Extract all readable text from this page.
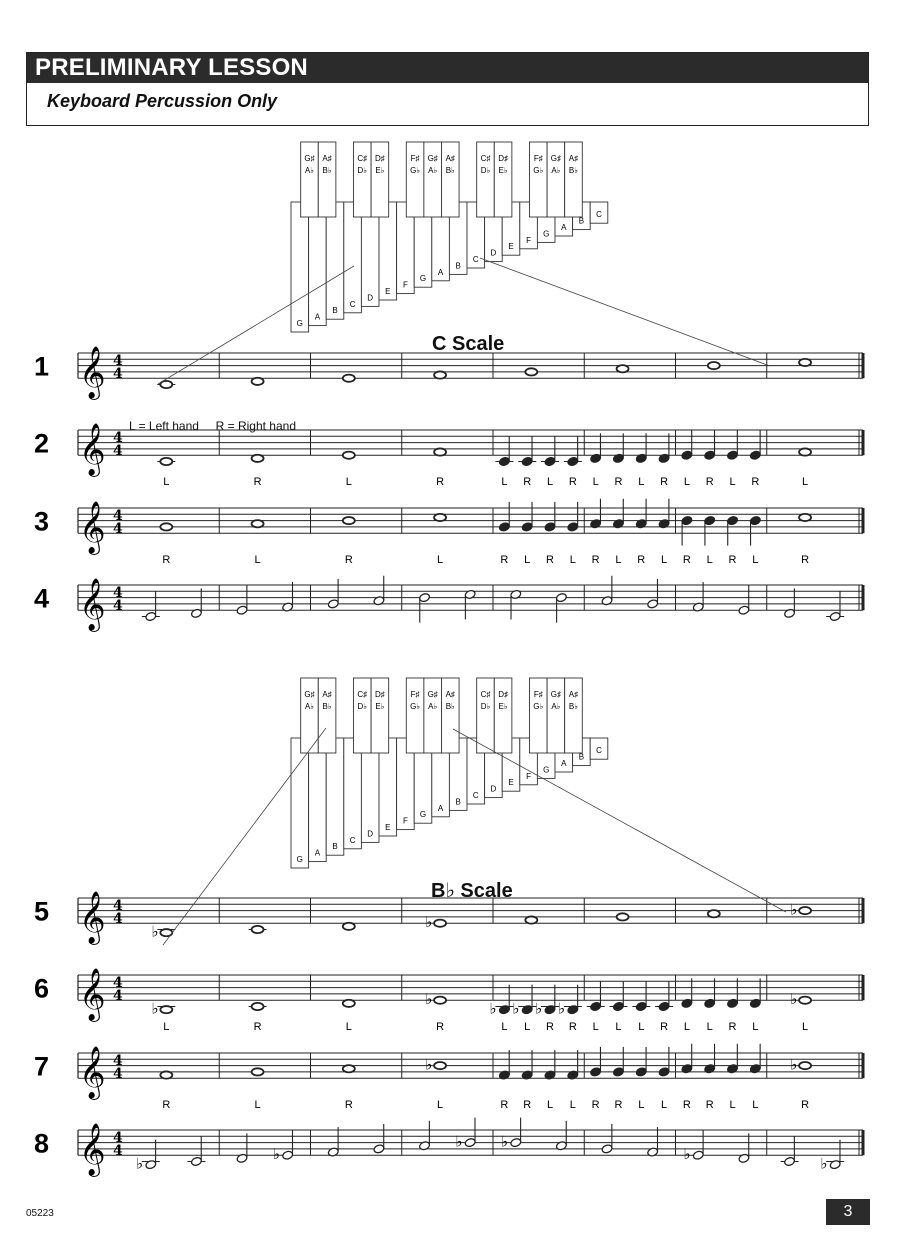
PRELIMINARY LESSON
Keyboard Percussion Only
C Scale
B♭ Scale
L = Left hand     R = Right hand
G
A
B
C
D
E
F
G
A
B
C
D
E
F
G
A
B
C
G♯
A♭
A♯
B♭
C♯
D♭
D♯
E♭
F♯
G♭
G♯
A♭
A♯
B♭
C♯
D♭
D♯
E♭
F♯
G♭
G♯
A♭
A♯
B♭
G
A
B
C
D
E
F
G
A
B
C
D
E
F
G
A
B
C
G♯
A♭
A♯
B♭
C♯
D♭
D♯
E♭
F♯
G♭
G♯
A♭
A♯
B♭
C♯
D♭
D♯
E♭
F♯
G♭
G♯
A♭
A♯
B♭
1 𝄞 4
4
2 𝄞 4
4
L	R	L	R	L R L R L R L R L R L R	L
3 𝄞 4
4
R	L	R	L	R L R L R L R L R L R L	R
4 𝄞 4
4
5 𝄞 4
4
♭
♭
♭
6 𝄞 4
4
♭
♭
♭ ♭ ♭ ♭
♭
L	R	L	R	L L R R L L L R L L R L	L
7 𝄞 4
4
♭	♭
R	L	R	L	R R L L R R L L R R L L	R
8 𝄞 4
4
♭
♭
♭	♭
♭
♭
05223	3
